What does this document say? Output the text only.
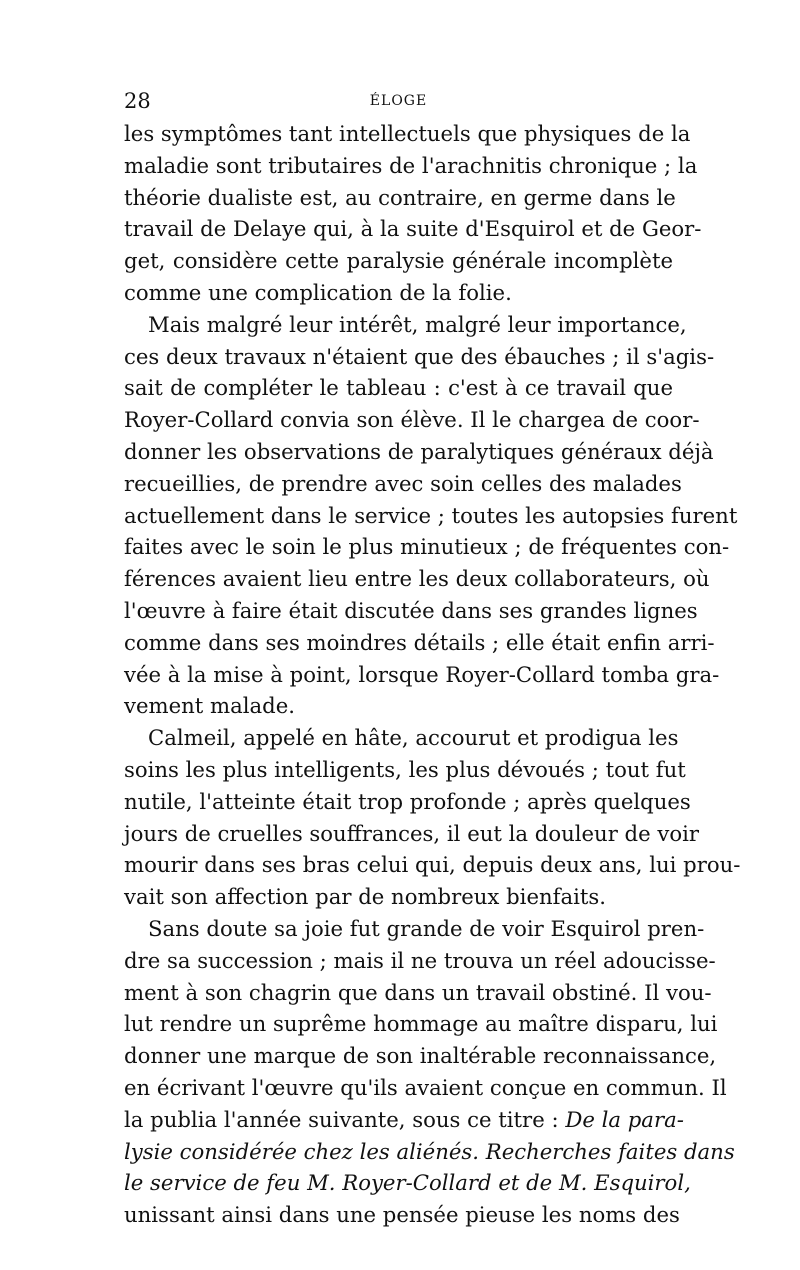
28	ÉLOGE
les symptômes tant intellectuels que physiques de la
maladie sont tributaires de l'arachnitis chronique ; la
théorie dualiste est, au contraire, en germe dans le
travail de Delaye qui, à la suite d'Esquirol et de Geor-
get, considère cette paralysie générale incomplète
comme une complication de la folie.
Mais malgré leur intérêt, malgré leur importance,
ces deux travaux n'étaient que des ébauches ; il s'agis-
sait de compléter le tableau : c'est à ce travail que
Royer-Collard convia son élève. Il le chargea de coor-
donner les observations de paralytiques généraux déjà
recueillies, de prendre avec soin celles des malades
actuellement dans le service ; toutes les autopsies furent
faites avec le soin le plus minutieux ; de fréquentes con-
férences avaient lieu entre les deux collaborateurs, où
l'œuvre à faire était discutée dans ses grandes lignes
comme dans ses moindres détails ; elle était enfin arri-
vée à la mise à point, lorsque Royer-Collard tomba gra-
vement malade.
Calmeil, appelé en hâte, accourut et prodigua les
soins les plus intelligents, les plus dévoués ; tout fut
nutile, l'atteinte était trop profonde ; après quelques
jours de cruelles souffrances, il eut la douleur de voir
mourir dans ses bras celui qui, depuis deux ans, lui prou-
vait son affection par de nombreux bienfaits.
Sans doute sa joie fut grande de voir Esquirol pren-
dre sa succession ; mais il ne trouva un réel adoucisse-
ment à son chagrin que dans un travail obstiné. Il vou-
lut rendre un suprême hommage au maître disparu, lui
donner une marque de son inaltérable reconnaissance,
en écrivant l'œuvre qu'ils avaient conçue en commun. Il
la publia l'année suivante, sous ce titre : De la para-
lysie considérée chez les aliénés. Recherches faites dans
le service de feu M. Royer-Collard et de M. Esquirol,
unissant ainsi dans une pensée pieuse les noms des
